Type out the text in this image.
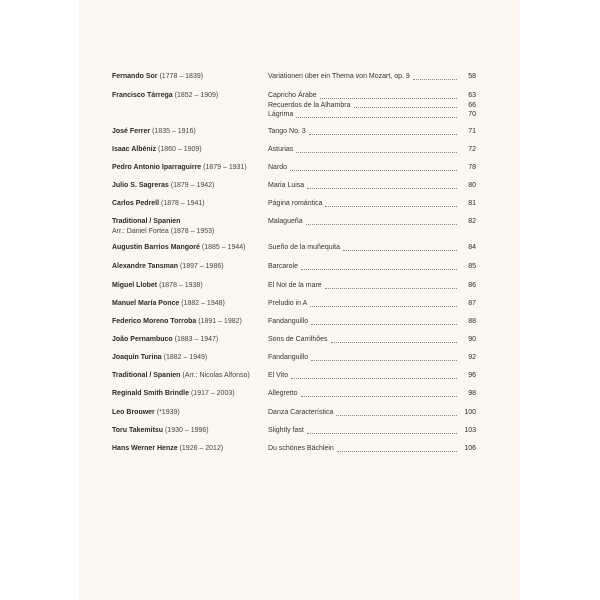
Fernando Sor (1778 – 1839)	Variationen über ein Thema von Mozart, op. 9	58
Francisco Tárrega (1852 – 1909)	Capricho Árabe	63
Recuerdos de la Alhambra	66
Lágrima	70
José Ferrer (1835 – 1916)	Tango No. 3	71
Isaac Albéniz (1860 – 1909)	Asturias	72
Pedro Antonio Iparraguirre (1879 – 1931)	Nardo	78
Julio S. Sagreras (1879 – 1942)	Maria Luisa	80
Carlos Pedrell (1878 – 1941)	Página romántica	81
Traditional / Spanien
Arr.: Daniel Fortea (1878 – 1953)
Malagueña	82
Augustin Barrios Mangoré (1885 – 1944)	Sueño de la muñequita	84
Alexandre Tansman (1897 – 1986)	Barcarole	85
Miguel Llobet (1878 – 1938)	El Noi de la mare	86
Manuel María Ponce (1882 – 1948)	Preludio in A	87
Federico Moreno Torroba (1891 – 1982)	Fandanguillo	88
João Pernambuco (1883 – 1947)	Sons de Carrilhões	90
Joaquín Turina (1882 – 1949)	Fandanguillo	92
Traditional / Spanien (Arr.: Nicolas Alfonso)	El Vito	96
Reginald Smith Brindle (1917 – 2003)	Allegretto	98
Leo Brouwer (*1939)	Danza Característica	100
Toru Takemitsu (1930 – 1996)	Slightly fast	103
Hans Werner Henze (1926 – 2012)	Du schönes Bächlein	106
